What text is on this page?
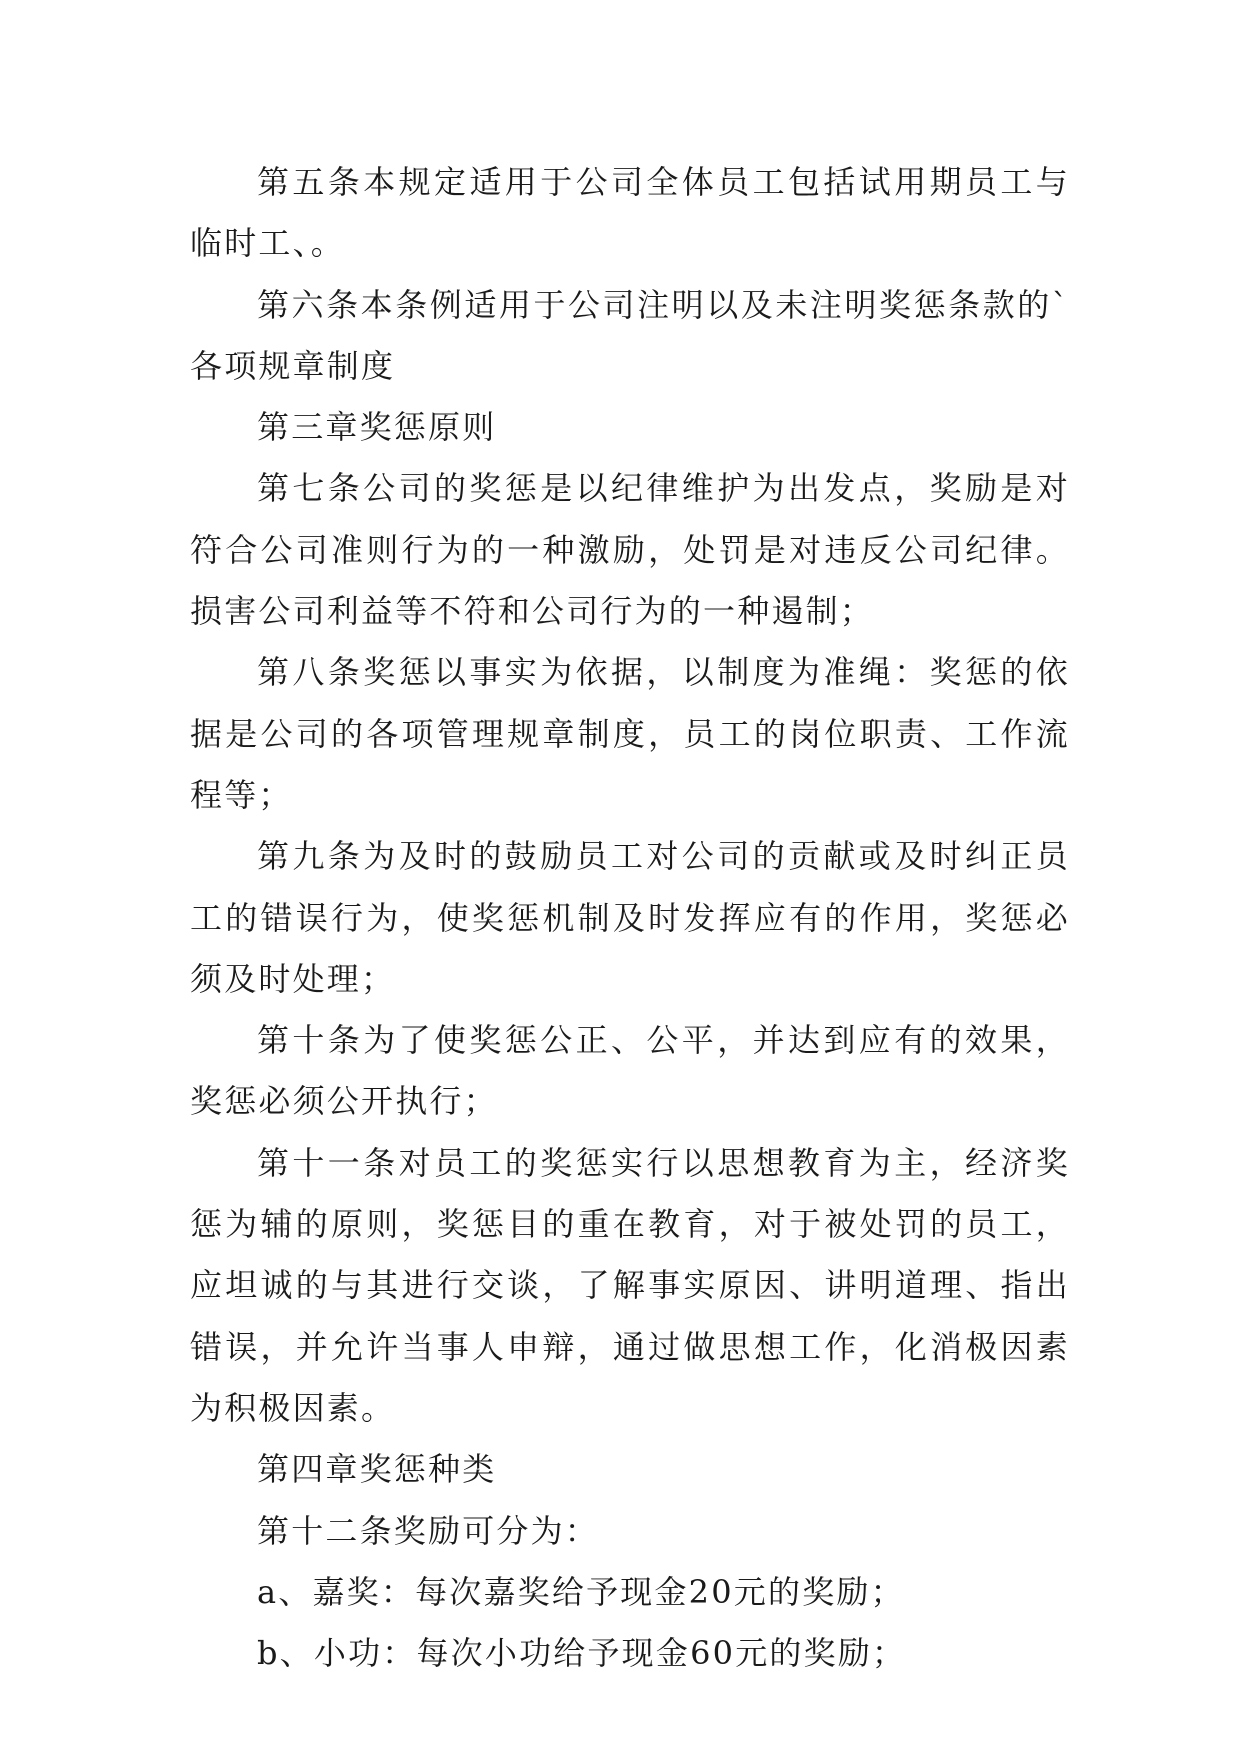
第五条本规定适用于公司全体员工包括试用期员工与临时工、。

第六条本条例适用于公司注明以及未注明奖惩条款的`各项规章制度

第三章奖惩原则

第七条公司的奖惩是以纪律维护为出发点，奖励是对符合公司准则行为的一种激励，处罚是对违反公司纪律。损害公司利益等不符和公司行为的一种遏制；

第八条奖惩以事实为依据，以制度为准绳：奖惩的依据是公司的各项管理规章制度，员工的岗位职责、工作流程等；

第九条为及时的鼓励员工对公司的贡献或及时纠正员工的错误行为，使奖惩机制及时发挥应有的作用，奖惩必须及时处理；

第十条为了使奖惩公正、公平，并达到应有的效果，奖惩必须公开执行；

第十一条对员工的奖惩实行以思想教育为主，经济奖惩为辅的原则，奖惩目的重在教育，对于被处罚的员工，应坦诚的与其进行交谈，了解事实原因、讲明道理、指出错误，并允许当事人申辩，通过做思想工作，化消极因素为积极因素。

第四章奖惩种类

第十二条奖励可分为：

a、嘉奖：每次嘉奖给予现金20元的奖励；

b、小功：每次小功给予现金60元的奖励；
